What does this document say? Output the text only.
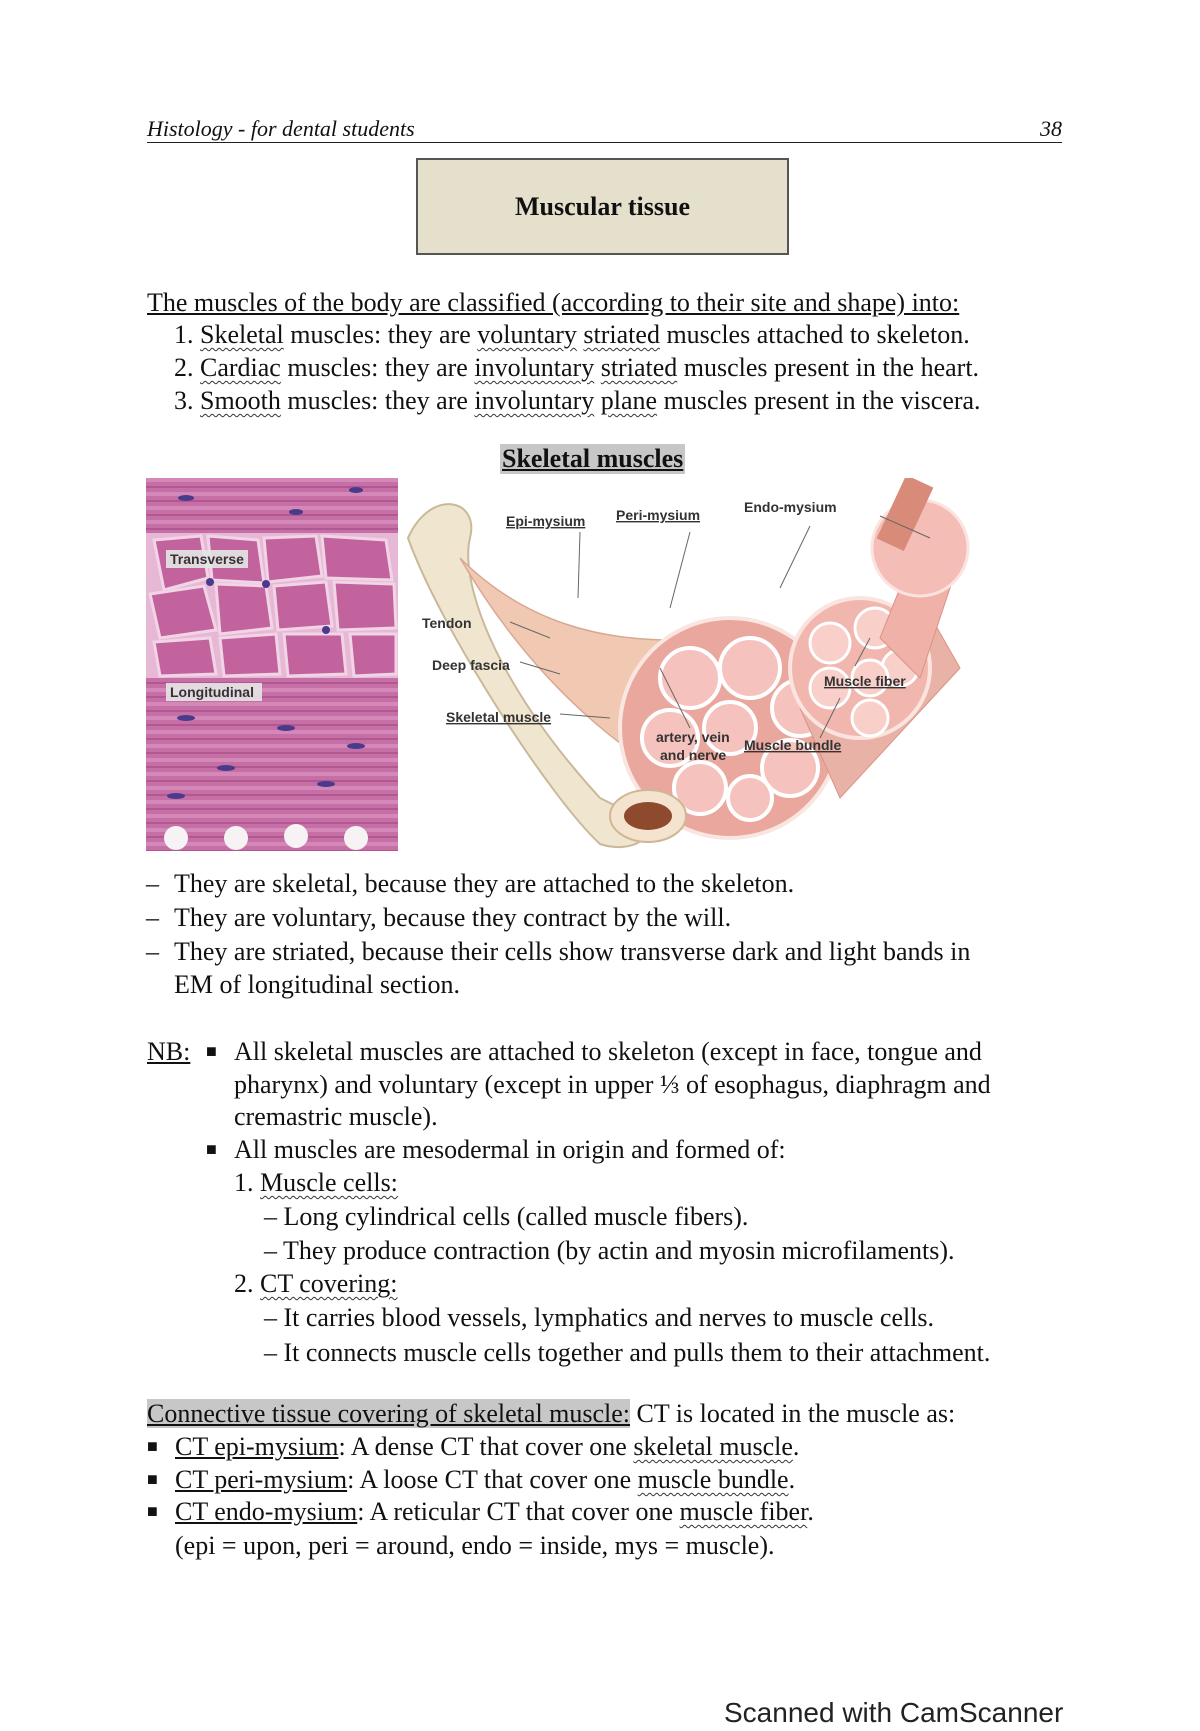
Histology - for dental students	38
Muscular tissue
The muscles of the body are classified (according to their site and shape) into:
1. Skeletal muscles: they are voluntary striated muscles attached to skeleton.
2. Cardiac muscles: they are involuntary striated muscles present in the heart.
3. Smooth muscles: they are involuntary plane muscles present in the viscera.
Skeletal muscles
Transverse
Longitudinal
Epi-mysium Peri-mysium	Endo-mysium
Tendon
Deep fascia
Skeletal muscle
artery, vein
and nerve
Muscle bundle
Muscle fiber
– They are skeletal, because they are attached to the skeleton.
– They are voluntary, because they contract by the will.
– They are striated, because their cells show transverse dark and light bands in
EM of longitudinal section.
NB: ■ All skeletal muscles are attached to skeleton (except in face, tongue and
pharynx) and voluntary (except in upper ⅓ of esophagus, diaphragm and
cremastric muscle).
■ All muscles are mesodermal in origin and formed of:
1. Muscle cells:
– Long cylindrical cells (called muscle fibers).
– They produce contraction (by actin and myosin microfilaments).
2. CT covering:
– It carries blood vessels, lymphatics and nerves to muscle cells.
– It connects muscle cells together and pulls them to their attachment.
Connective tissue covering of skeletal muscle: CT is located in the muscle as:
■ CT epi-mysium: A dense CT that cover one skeletal muscle.
■ CT peri-mysium: A loose CT that cover one muscle bundle.
■ CT endo-mysium: A reticular CT that cover one muscle fiber.
(epi = upon, peri = around, endo = inside, mys = muscle).
Scanned with CamScanner
